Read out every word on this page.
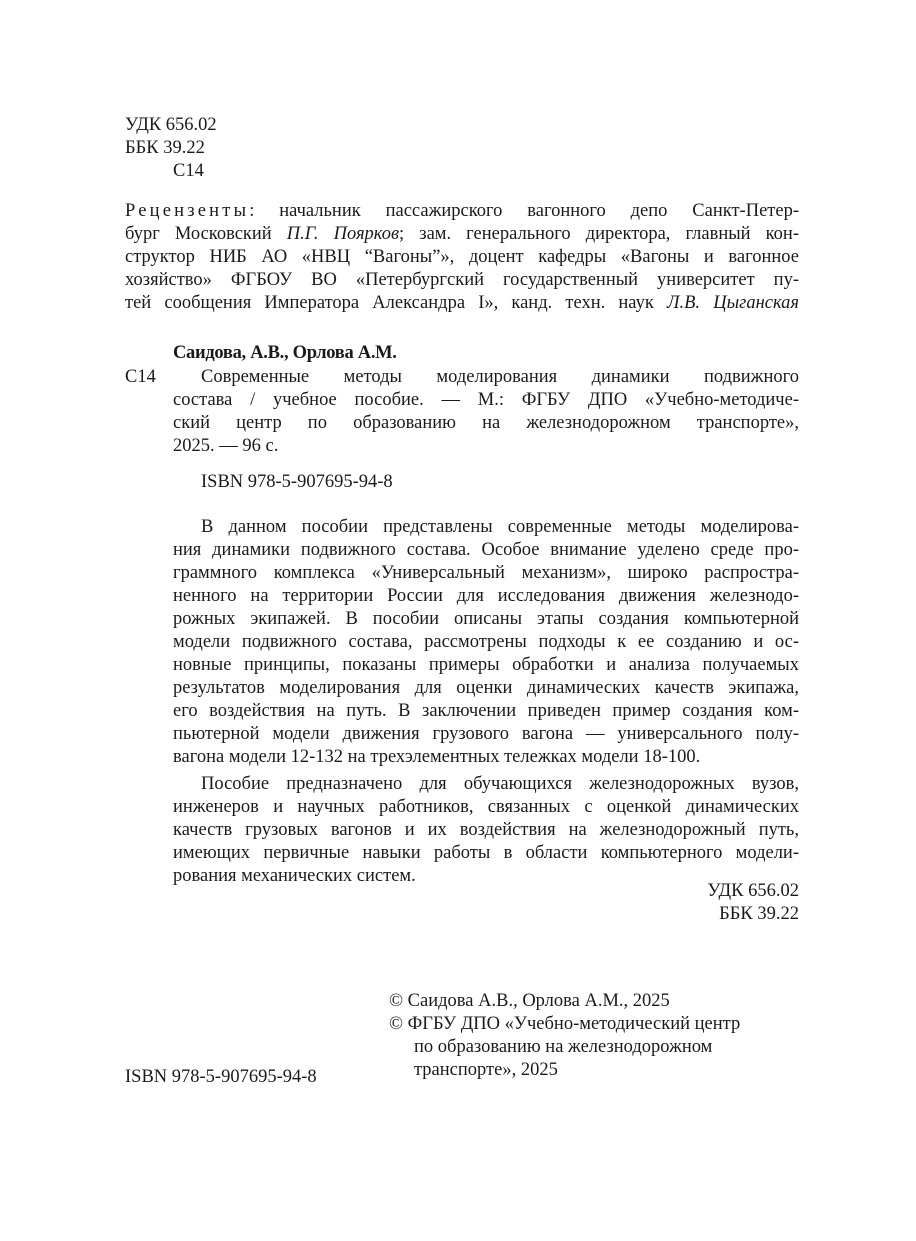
УДК 656.02
ББК 39.22
С14
Рецензенты: начальник пассажирского вагонного депо Санкт-Петер-
бург Московский П.Г. Поярков; зам. генерального директора, главный кон-
структор НИБ АО «НВЦ “Вагоны”», доцент кафедры «Вагоны и вагонное
хозяйство» ФГБОУ ВО «Петербургский государственный университет пу-
тей сообщения Императора Александра I», канд. техн. наук Л.В. Цыганская
Саидова, А.В., Орлова А.М.
С14 Современные методы моделирования динамики подвижного
состава / учебное пособие. — М.: ФГБУ ДПО «Учебно-методиче-
ский центр по образованию на железнодорожном транспорте»,
2025. — 96 с.
ISBN 978-5-907695-94-8
В данном пособии представлены современные методы моделирова-
ния динамики подвижного состава. Особое внимание уделено среде про-
граммного комплекса «Универсальный механизм», широко распростра-
ненного на территории России для исследования движения железнодо-
рожных экипажей. В пособии описаны этапы создания компьютерной
модели подвижного состава, рассмотрены подходы к ее созданию и ос-
новные принципы, показаны примеры обработки и анализа получаемых
результатов моделирования для оценки динамических качеств экипажа,
его воздействия на путь. В заключении приведен пример создания ком-
пьютерной модели движения грузового вагона — универсального полу-
вагона модели 12-132 на трехэлементных тележках модели 18-100.
Пособие предназначено для обучающихся железнодорожных вузов,
инженеров и научных работников, связанных с оценкой динамических
качеств грузовых вагонов и их воздействия на железнодорожный путь,
имеющих первичные навыки работы в области компьютерного модели-
рования механических систем.
УДК 656.02
ББК 39.22
© Саидова А.В., Орлова А.М., 2025
© ФГБУ ДПО «Учебно-методический центр
по образованию на железнодорожном
транспорте», 2025
ISBN 978-5-907695-94-8
